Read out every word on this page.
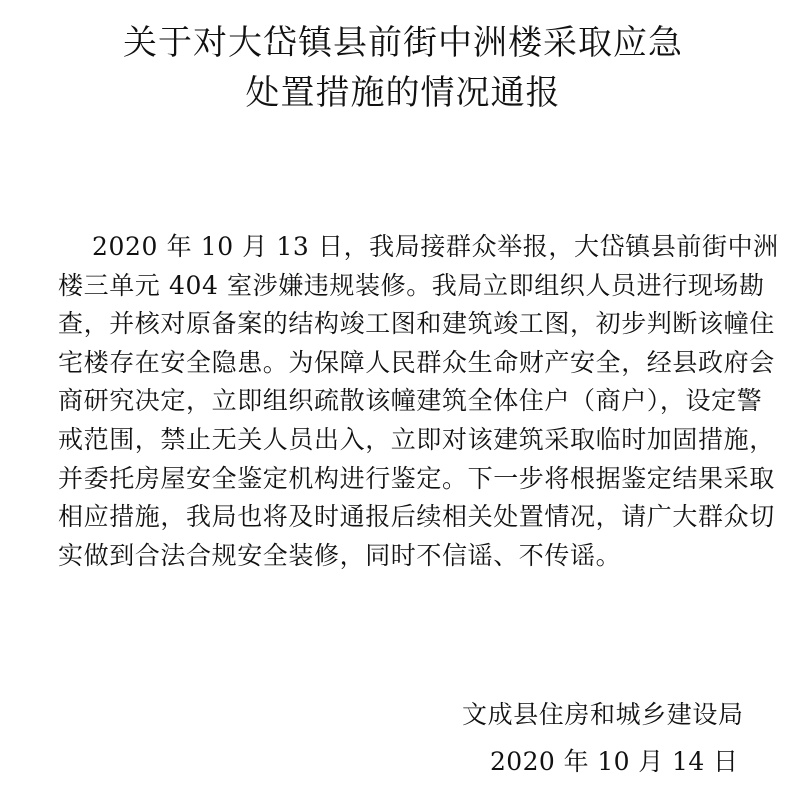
关于对大岱镇县前街中洲楼采取应急
处置措施的情况通报
2020 年 10 月 13 日，我局接群众举报，大岱镇县前街中洲
楼三单元 404 室涉嫌违规装修。我局立即组织人员进行现场勘
查，并核对原备案的结构竣工图和建筑竣工图，初步判断该幢住
宅楼存在安全隐患。为保障人民群众生命财产安全，经县政府会
商研究决定，立即组织疏散该幢建筑全体住户（商户），设定警
戒范围，禁止无关人员出入，立即对该建筑采取临时加固措施，
并委托房屋安全鉴定机构进行鉴定。下一步将根据鉴定结果采取
相应措施，我局也将及时通报后续相关处置情况，请广大群众切
实做到合法合规安全装修，同时不信谣、不传谣。
文成县住房和城乡建设局
2020 年 10 月 14 日
